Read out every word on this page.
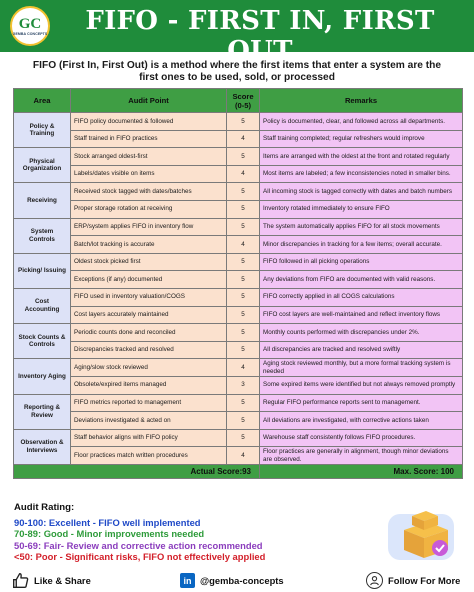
GC
GEMBA CONCEPTS	FIFO - FIRST IN, FIRST OUT
FIFO (First In, First Out) is a method where the first items that enter a system are the first ones to be used, sold, or processed
Area	Audit Point	Score (0-5)	Remarks
Policy & Training	FIFO policy documented & followed	5	Policy is documented, clear, and followed across all departments.
	Staff trained in FIFO practices	4	Staff training completed; regular refreshers would improve
Physical Organization	Stock arranged oldest-first	5	Items are arranged with the oldest at the front and rotated regularly
	Labels/dates visible on items	4	Most items are labeled; a few inconsistencies noted in smaller bins.
Receiving	Received stock tagged with dates/batches	5	All incoming stock is tagged correctly with dates and batch numbers
	Proper storage rotation at receiving	5	Inventory rotated immediately to ensure FIFO
System Controls	ERP/system applies FIFO in inventory flow	5	The system automatically applies FIFO for all stock movements
	Batch/lot tracking is accurate	4	Minor discrepancies in tracking for a few items; overall accurate.
Picking/ Issuing	Oldest stock picked first	5	FIFO followed in all picking operations
	Exceptions (if any) documented	5	Any deviations from FIFO are documented with valid reasons.
Cost Accounting	FIFO used in inventory valuation/COGS	5	FIFO correctly applied in all COGS calculations
	Cost layers accurately maintained	5	FIFO cost layers are well-maintained and reflect inventory flows
Stock Counts & Controls	Periodic counts done and reconciled	5	Monthly counts performed with discrepancies under 2%.
	Discrepancies tracked and resolved	5	All discrepancies are tracked and resolved swiftly
Inventory Aging	Aging/slow stock reviewed	4	Aging stock reviewed monthly, but a more formal tracking system is needed
	Obsolete/expired items managed	3	Some expired items were identified but not always removed promptly
Reporting & Review	FIFO metrics reported to management	5	Regular FIFO performance reports sent to management.
	Deviations investigated & acted on	5	All deviations are investigated, with corrective actions taken
Observation & Interviews	Staff behavior aligns with FIFO policy	5	Warehouse staff consistently follows FIFO procedures.
	Floor practices match written procedures	4	Floor practices are generally in alignment, though minor deviations are observed.
Actual Score:93			Max. Score: 100
Audit Rating:
90-100: Excellent - FIFO well implemented
70-89: Good - Minor improvements needed
50-69: Fair- Review and corrective action recommended
<50: Poor - Significant risks, FIFO not effectively applied
Like & Share	in @gemba-concepts	Follow For More
